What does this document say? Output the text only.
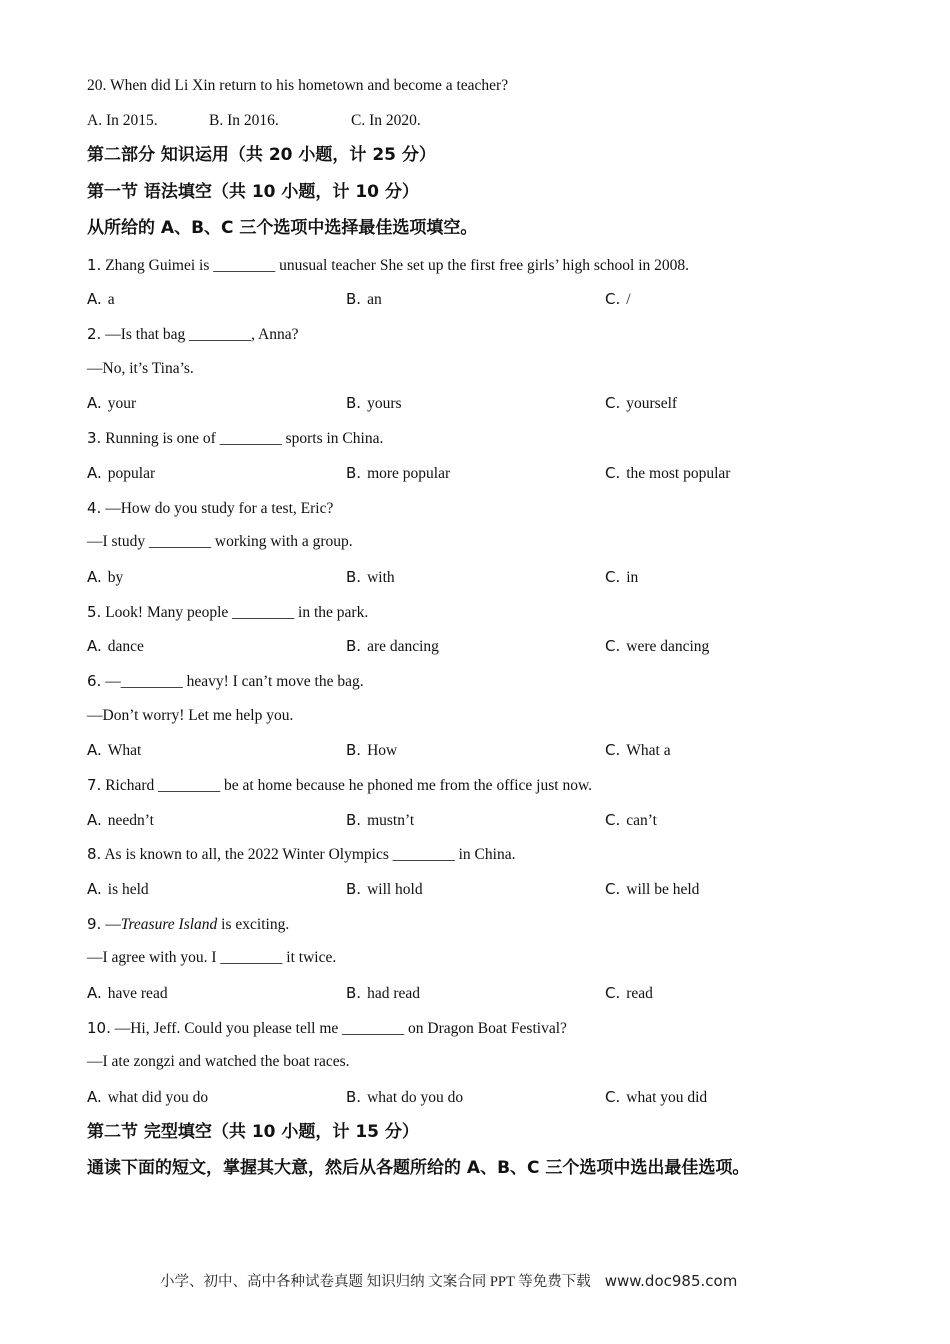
20. When did Li Xin return to his hometown and become a teacher?
A. In 2015.	B. In 2016.	C. In 2020.
第二部分 知识运用（共 20 小题，计 25 分）
第一节 语法填空（共 10 小题，计 10 分）
从所给的 A、B、C 三个选项中选择最佳选项填空。
1. Zhang Guimei is ________ unusual teacher She set up the first free girls’ high school in 2008.
A. a	B. an	C. /
2. —Is that bag ________, Anna?
—No, it’s Tina’s.
A. your	B. yours	C. yourself
3. Running is one of ________ sports in China.
A. popular	B. more popular	C. the most popular
4. —How do you study for a test, Eric?
—I study ________ working with a group.
A. by	B. with	C. in
5. Look! Many people ________ in the park.
A. dance	B. are dancing	C. were dancing
6. —________ heavy! I can’t move the bag.
—Don’t worry! Let me help you.
A. What	B. How	C. What a
7. Richard ________ be at home because he phoned me from the office just now.
A. needn’t	B. mustn’t	C. can’t
8. As is known to all, the 2022 Winter Olympics ________ in China.
A. is held	B. will hold	C. will be held
9. —Treasure Island is exciting.
—I agree with you. I ________ it twice.
A. have read	B. had read	C. read
10. —Hi, Jeff. Could you please tell me ________ on Dragon Boat Festival?
—I ate zongzi and watched the boat races.
A. what did you do	B. what do you do	C. what you did
第二节 完型填空（共 10 小题，计 15 分）
通读下面的短文，掌握其大意，然后从各题所给的 A、B、C 三个选项中选出最佳选项。
小学、初中、高中各种试卷真题 知识归纳 文案合同 PPT 等免费下载 www.doc985.com
